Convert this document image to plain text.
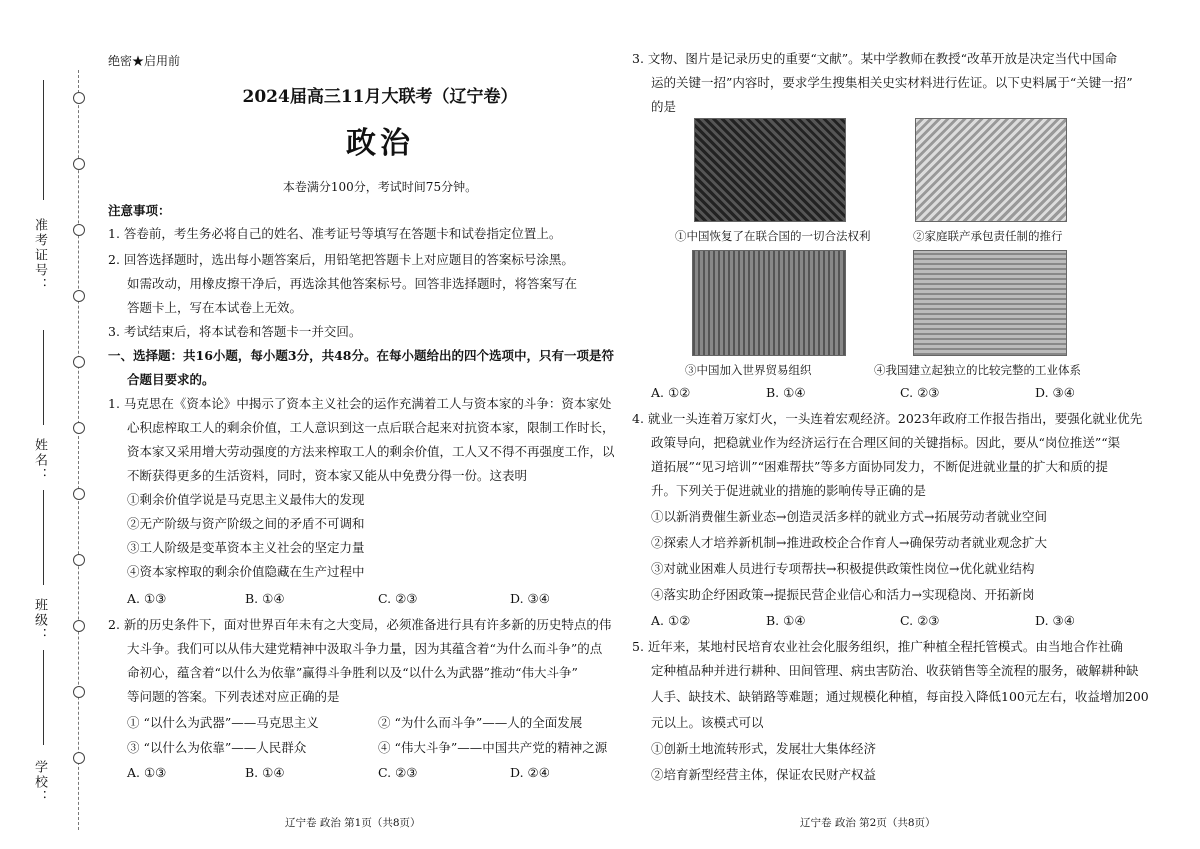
准考证号：
姓名：
班级：
学校：
绝密★启用前
2024届高三11月大联考（辽宁卷）
政治
本卷满分100分，考试时间75分钟。
注意事项：
1. 答卷前，考生务必将自己的姓名、准考证号等填写在答题卡和试卷指定位置上。
2. 回答选择题时，选出每小题答案后，用铅笔把答题卡上对应题目的答案标号涂黑。
如需改动，用橡皮擦干净后，再选涂其他答案标号。回答非选择题时，将答案写在
答题卡上，写在本试卷上无效。
3. 考试结束后，将本试卷和答题卡一并交回。
一、选择题：共16小题，每小题3分，共48分。在每小题给出的四个选项中，只有一项是符
合题目要求的。
1. 马克思在《资本论》中揭示了资本主义社会的运作充满着工人与资本家的斗争：资本家处
心积虑榨取工人的剩余价值，工人意识到这一点后联合起来对抗资本家，限制工作时长，
资本家又采用增大劳动强度的方法来榨取工人的剩余价值，工人又不得不再强度工作，以
不断获得更多的生活资料，同时，资本家又能从中免费分得一份。这表明
①剩余价值学说是马克思主义最伟大的发现
②无产阶级与资产阶级之间的矛盾不可调和
③工人阶级是变革资本主义社会的坚定力量
④资本家榨取的剩余价值隐藏在生产过程中
A. ①③	B. ①④	C. ②③	D. ③④
2. 新的历史条件下，面对世界百年未有之大变局，必须准备进行具有许多新的历史特点的伟
大斗争。我们可以从伟大建党精神中汲取斗争力量，因为其蕴含着“为什么而斗争”的点
命初心，蕴含着“以什么为依靠”赢得斗争胜利以及“以什么为武器”推动“伟大斗争”
等问题的答案。下列表述对应正确的是
① “以什么为武器”——马克思主义	② “为什么而斗争”——人的全面发展
③ “以什么为依靠”——人民群众	④ “伟大斗争”——中国共产党的精神之源
A. ①③	B. ①④	C. ②③	D. ②④
辽宁卷 政治 第1页（共8页）
3. 文物、图片是记录历史的重要“文献”。某中学教师在教授“改革开放是决定当代中国命
运的关键一招”内容时，要求学生搜集相关史实材料进行佐证。以下史料属于“关键一招”
的是
①中国恢复了在联合国的一切合法权利	②家庭联产承包责任制的推行
③中国加入世界贸易组织	④我国建立起独立的比较完整的工业体系
A. ①②	B. ①④	C. ②③	D. ③④
4. 就业一头连着万家灯火，一头连着宏观经济。2023年政府工作报告指出，要强化就业优先
政策导向，把稳就业作为经济运行在合理区间的关键指标。因此，要从“岗位推送”“渠
道拓展”“见习培训”“困难帮扶”等多方面协同发力，不断促进就业量的扩大和质的提
升。下列关于促进就业的措施的影响传导正确的是
①以新消费催生新业态→创造灵活多样的就业方式→拓展劳动者就业空间
②探索人才培养新机制→推进政校企合作育人→确保劳动者就业观念扩大
③对就业困难人员进行专项帮扶→积极提供政策性岗位→优化就业结构
④落实助企纾困政策→提振民营企业信心和活力→实现稳岗、开拓新岗
A. ①②	B. ①④	C. ②③	D. ③④
5. 近年来，某地村民培育农业社会化服务组织，推广种植全程托管模式。由当地合作社确
定种植品种并进行耕种、田间管理、病虫害防治、收获销售等全流程的服务，破解耕种缺
人手、缺技术、缺销路等难题；通过规模化种植，每亩投入降低100元左右，收益增加200
元以上。该模式可以
①创新土地流转形式，发展壮大集体经济
②培育新型经营主体，保证农民财产权益
辽宁卷 政治 第2页（共8页）
